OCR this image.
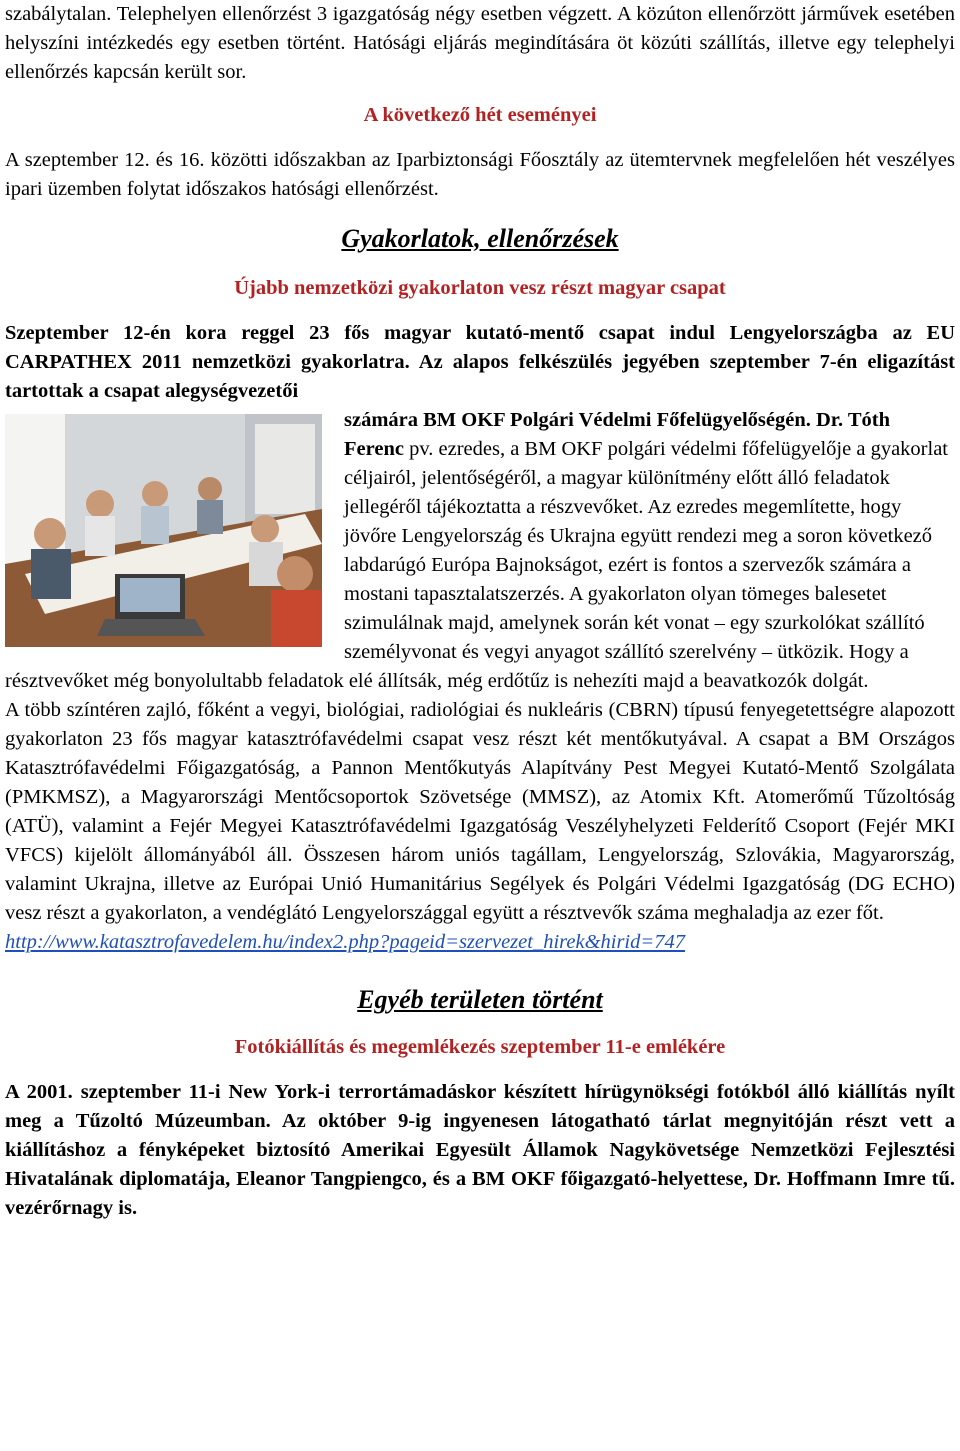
szabálytalan. Telephelyen ellenőrzést 3 igazgatóság négy esetben végzett. A közúton ellenőrzött járművek esetében helyszíni intézkedés egy esetben történt. Hatósági eljárás megindítására öt közúti szállítás, illetve egy telephelyi ellenőrzés kapcsán került sor.

A következő hét eseményei

A szeptember 12. és 16. közötti időszakban az Iparbiztonsági Főosztály az ütemtervnek megfelelően hét veszélyes ipari üzemben folytat időszakos hatósági ellenőrzést.

Gyakorlatok, ellenőrzések

Újabb nemzetközi gyakorlaton vesz részt magyar csapat

Szeptember 12-én kora reggel 23 fős magyar kutató-mentő csapat indul Lengyelországba az EU CARPATHEX 2011 nemzetközi gyakorlatra. Az alapos felkészülés jegyében szeptember 7-én eligazítást tartottak a csapat alegységvezetői

számára BM OKF Polgári Védelmi Főfelügyelőségén. Dr. Tóth Ferenc pv. ezredes, a BM OKF polgári védelmi főfelügyelője a gyakorlat céljairól, jelentőségéről, a magyar különítmény előtt álló feladatok jellegéről tájékoztatta a részvevőket. Az ezredes megemlítette, hogy jövőre Lengyelország és Ukrajna együtt rendezi meg a soron következő labdarúgó Európa Bajnokságot, ezért is fontos a szervezők számára a mostani tapasztalatszerzés. A gyakorlaton olyan tömeges balesetet szimulálnak majd, amelynek során két vonat – egy szurkolókat szállító személyvonat és vegyi anyagot szállító szerelvény – ütközik. Hogy a résztvevőket még bonyolultabb feladatok elé állítsák, még erdőtűz is nehezíti majd a beavatkozók dolgát.

A több színtéren zajló, főként a vegyi, biológiai, radiológiai és nukleáris (CBRN) típusú fenyegetettségre alapozott gyakorlaton 23 fős magyar katasztrófavédelmi csapat vesz részt két mentőkutyával. A csapat a BM Országos Katasztrófavédelmi Főigazgatóság, a Pannon Mentőkutyás Alapítvány Pest Megyei Kutató-Mentő Szolgálata (PMKMSZ), a Magyarországi Mentőcsoportok Szövetsége (MMSZ), az Atomix Kft. Atomerőmű Tűzoltóság (ATÜ), valamint a Fejér Megyei Katasztrófavédelmi Igazgatóság Veszélyhelyzeti Felderítő Csoport (Fejér MKI VFCS) kijelölt állományából áll. Összesen három uniós tagállam, Lengyelország, Szlovákia, Magyarország, valamint Ukrajna, illetve az Európai Unió Humanitárius Segélyek és Polgári Védelmi Igazgatóság (DG ECHO) vesz részt a gyakorlaton, a vendéglátó Lengyelországgal együtt a résztvevők száma meghaladja az ezer főt.

http://www.katasztrofavedelem.hu/index2.php?pageid=szervezet_hirek&hirid=747
Egyéb területen történt

Fotókiállítás és megemlékezés szeptember 11-e emlékére

A 2001. szeptember 11-i New York-i terrortámadáskor készített hírügynökségi fotókból álló kiállítás nyílt meg a Tűzoltó Múzeumban. Az október 9-ig ingyenesen látogatható tárlat megnyitóján részt vett a kiállításhoz a fényképeket biztosító Amerikai Egyesült Államok Nagykövetsége Nemzetközi Fejlesztési Hivatalának diplomatája, Eleanor Tangpiengco, és a BM OKF főigazgató-helyettese, Dr. Hoffmann Imre tű. vezérőrnagy is.
